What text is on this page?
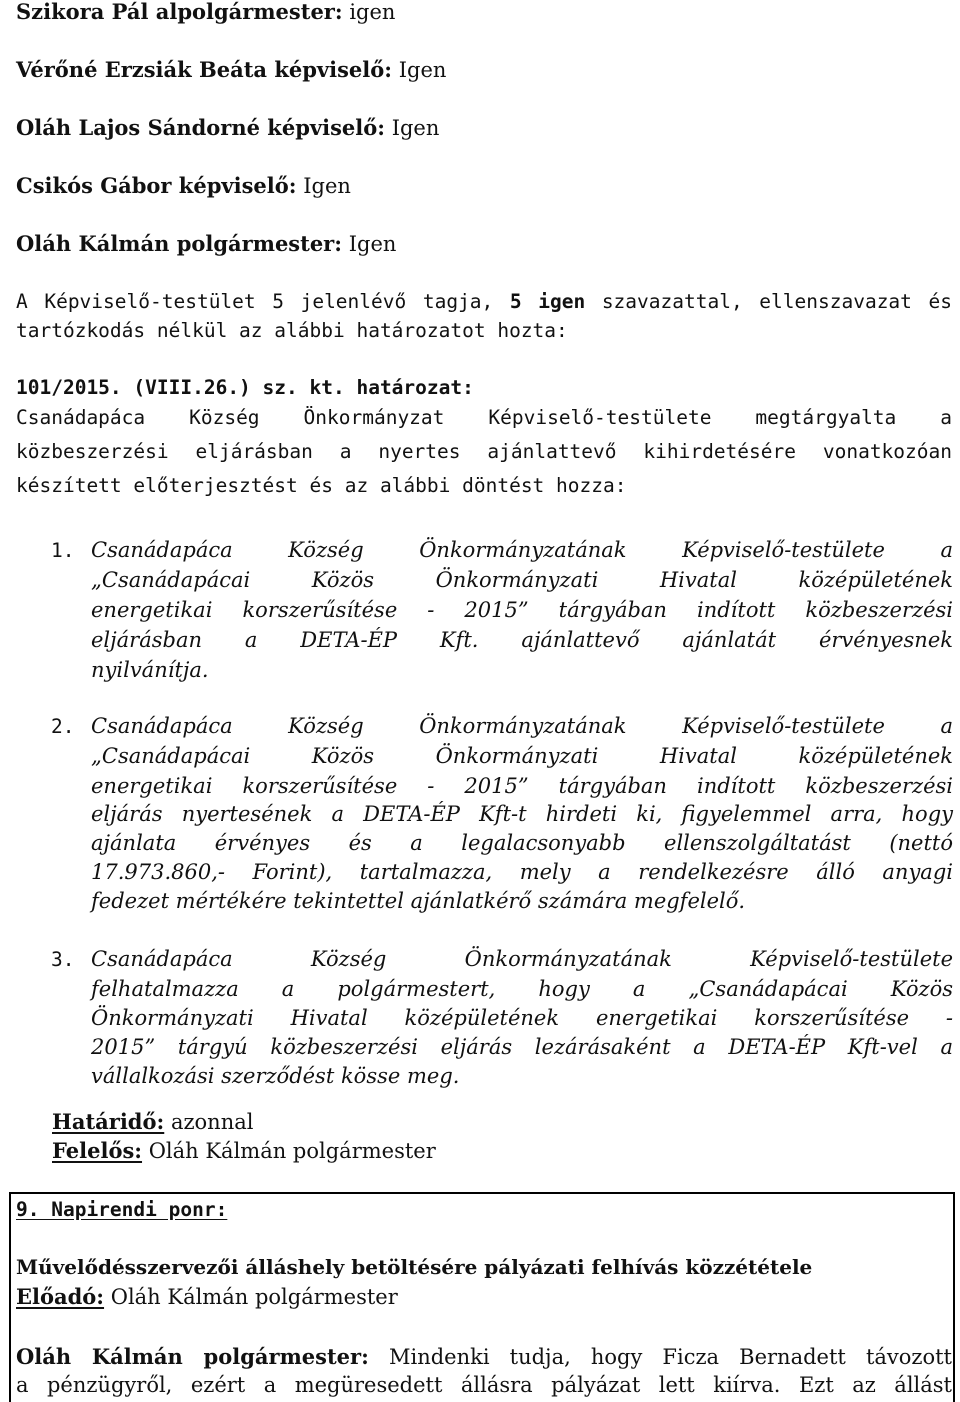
Szikora Pál alpolgármester: igen
Vérőné Erzsiák Beáta képviselő: Igen
Oláh Lajos Sándorné képviselő: Igen
Csikós Gábor képviselő: Igen
Oláh Kálmán polgármester: Igen
A Képviselő-testület 5 jelenlévő tagja, 5 igen szavazattal, ellenszavazat és
tartózkodás nélkül az alábbi határozatot hozta:
101/2015. (VIII.26.) sz. kt. határozat:
Csanádapáca Község Önkormányzat Képviselő-testülete megtárgyalta a
közbeszerzési eljárásban a nyertes ajánlattevő kihirdetésére vonatkozóan
készített előterjesztést és az alábbi döntést hozza:
1. Csanádapáca Község Önkormányzatának Képviselő-testülete a
„Csanádapácai Közös Önkormányzati Hivatal középületének
energetikai korszerűsítése - 2015” tárgyában indított közbeszerzési
eljárásban a DETA-ÉP Kft. ajánlattevő ajánlatát érvényesnek
nyilvánítja.
2. Csanádapáca Község Önkormányzatának Képviselő-testülete a
„Csanádapácai Közös Önkormányzati Hivatal középületének
energetikai korszerűsítése - 2015” tárgyában indított közbeszerzési
eljárás nyertesének a DETA-ÉP Kft-t hirdeti ki, figyelemmel arra, hogy
ajánlata érvényes és a legalacsonyabb ellenszolgáltatást (nettó
17.973.860,- Forint), tartalmazza, mely a rendelkezésre álló anyagi
fedezet mértékére tekintettel ajánlatkérő számára megfelelő.
3. Csanádapáca Község Önkormányzatának Képviselő-testülete
felhatalmazza a polgármestert, hogy a „Csanádapácai Közös
Önkormányzati Hivatal középületének energetikai korszerűsítése -
2015” tárgyú közbeszerzési eljárás lezárásaként a DETA-ÉP Kft-vel a
vállalkozási szerződést kösse meg.
Határidő: azonnal
Felelős: Oláh Kálmán polgármester
9. Napirendi ponr:
Művelődésszervezői álláshely betöltésére pályázati felhívás közzététele
Előadó: Oláh Kálmán polgármester
Oláh Kálmán polgármester: Mindenki tudja, hogy Ficza Bernadett távozott
a pénzügyről, ezért a megüresedett állásra pályázat lett kiírva. Ezt az állást
